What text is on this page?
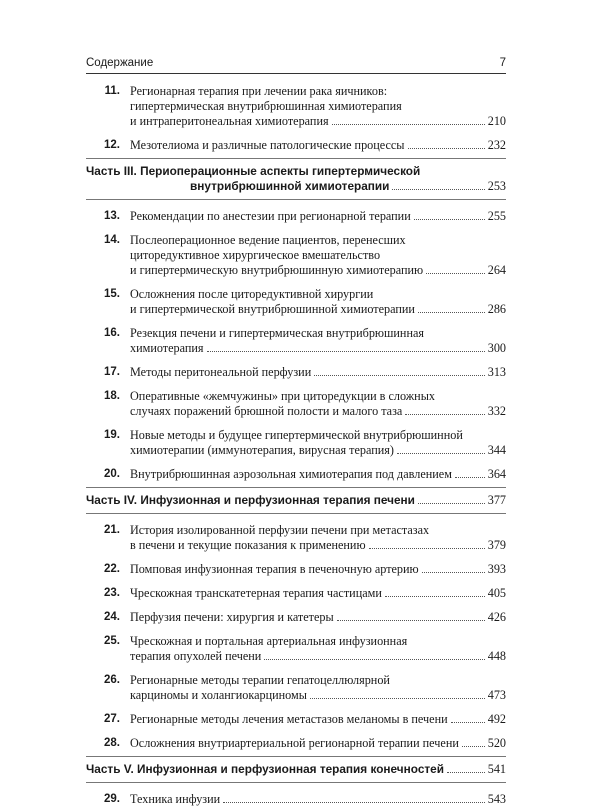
Содержание	7
11. Регионарная терапия при лечении рака яичников:
гипертермическая внутрибрюшинная химиотерапия
и интраперитонеальная химиотерапия	210
12. Мезотелиома и различные патологические процессы	232
Часть III. Периоперационные аспекты гипертермической
внутрибрюшинной химиотерапии	253
13. Рекомендации по анестезии при регионарной терапии	255
14. Послеоперационное ведение пациентов, перенесших
циторедуктивное хирургическое вмешательство
и гипертермическую внутрибрюшинную химиотерапию	264
15. Осложнения после циторедуктивной хирургии
и гипертермической внутрибрюшинной химиотерапии	286
16. Резекция печени и гипертермическая внутрибрюшинная
химиотерапия	300
17. Методы перитонеальной перфузии	313
18. Оперативные «жемчужины» при циторедукции в сложных
случаях поражений брюшной полости и малого таза	332
19. Новые методы и будущее гипертермической внутрибрюшинной
химиотерапии (иммунотерапия, вирусная терапия)	344
20. Внутрибрюшинная аэрозольная химиотерапия под давлением	364
Часть IV. Инфузионная и перфузионная терапия печени	377
21. История изолированной перфузии печени при метастазах
в печени и текущие показания к применению	379
22. Помповая инфузионная терапия в печеночную артерию	393
23. Чрескожная транскатетерная терапия частицами	405
24. Перфузия печени: хирургия и катетеры	426
25. Чрескожная и портальная артериальная инфузионная
терапия опухолей печени	448
26. Регионарные методы терапии гепатоцеллюлярной
карциномы и холангиокарциномы	473
27. Регионарные методы лечения метастазов меланомы в печени	492
28. Осложнения внутриартериальной регионарной терапии печени 520
Часть V. Инфузионная и перфузионная терапия конечностей	541
29. Техника инфузии	543
